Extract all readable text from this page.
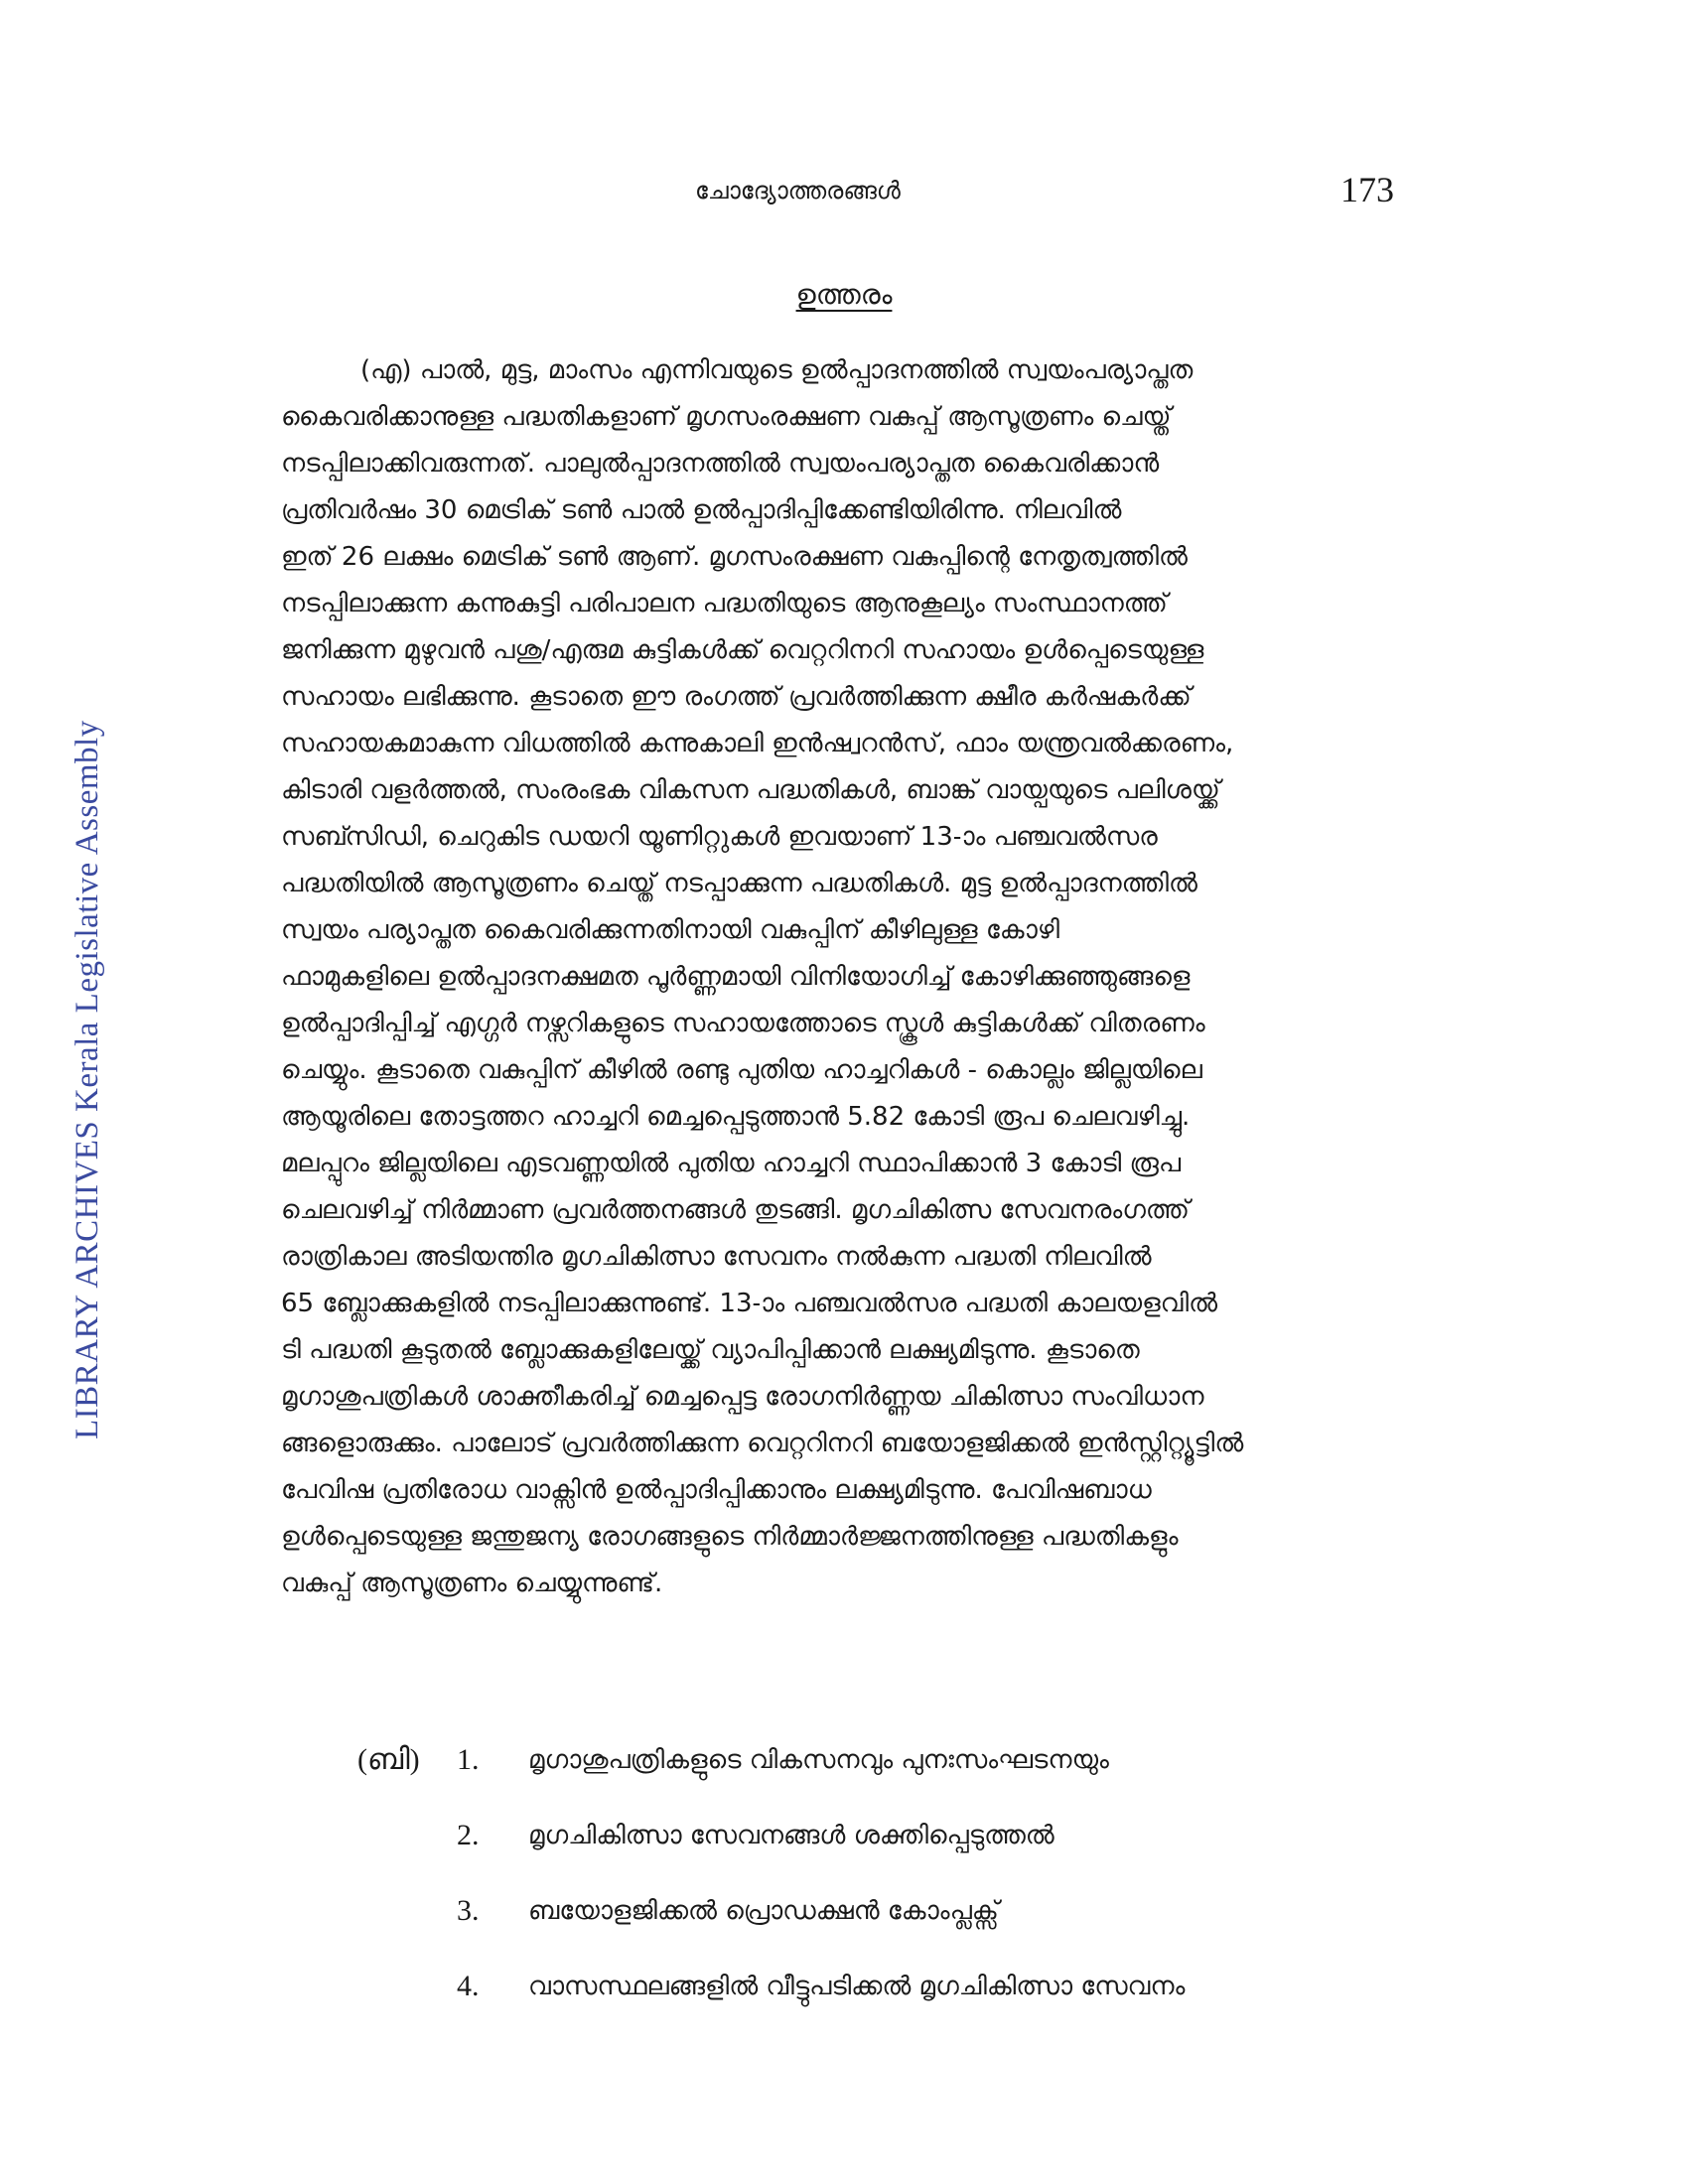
ചോദ്യോത്തരങ്ങൾ	173
LIBRARY ARCHIVES Kerala Legislative Assembly
ഉത്തരം
(എ) പാൽ, മുട്ട, മാംസം എന്നിവയുടെ ഉൽപ്പാദനത്തിൽ സ്വയംപര്യാപ്തത
കൈവരിക്കാനുള്ള പദ്ധതികളാണ് മൃഗസംരക്ഷണ വകുപ്പ് ആസൂത്രണം ചെയ്ത്
നടപ്പിലാക്കിവരുന്നത്. പാലുൽപ്പാദനത്തിൽ സ്വയംപര്യാപ്തത കൈവരിക്കാൻ
പ്രതിവർഷം 30 മെട്രിക് ടൺ പാൽ ഉൽപ്പാദിപ്പിക്കേണ്ടിയിരിന്നു. നിലവിൽ
ഇത് 26 ലക്ഷം മെട്രിക് ടൺ ആണ്. മൃഗസംരക്ഷണ വകുപ്പിന്റെ നേതൃത്വത്തിൽ
നടപ്പിലാക്കുന്ന കന്നുകുട്ടി പരിപാലന പദ്ധതിയുടെ ആനുകൂല്യം സംസ്ഥാനത്ത്
ജനിക്കുന്ന മുഴുവൻ പശു/എരുമ കുട്ടികൾക്ക് വെറ്ററിനറി സഹായം ഉൾപ്പെടെയുള്ള
സഹായം ലഭിക്കുന്നു. കൂടാതെ ഈ രംഗത്ത് പ്രവർത്തിക്കുന്ന ക്ഷീര കർഷകർക്ക്
സഹായകമാകുന്ന വിധത്തിൽ കന്നുകാലി ഇൻഷ്വറൻസ്, ഫാം യന്ത്രവൽക്കരണം,
കിടാരി വളർത്തൽ, സംരംഭക വികസന പദ്ധതികൾ, ബാങ്ക് വായ്പയുടെ പലിശയ്ക്ക്
സബ്സിഡി, ചെറുകിട ഡയറി യൂണിറ്റുകൾ ഇവയാണ് 13-ാം പഞ്ചവൽസര
പദ്ധതിയിൽ ആസൂത്രണം ചെയ്ത് നടപ്പാക്കുന്ന പദ്ധതികൾ. മുട്ട ഉൽപ്പാദനത്തിൽ
സ്വയം പര്യാപ്തത കൈവരിക്കുന്നതിനായി വകുപ്പിന് കീഴിലുള്ള കോഴി
ഫാമുകളിലെ ഉൽപ്പാദനക്ഷമത പൂർണ്ണമായി വിനിയോഗിച്ച് കോഴിക്കുഞ്ഞുങ്ങളെ
ഉൽപ്പാദിപ്പിച്ച് എഗ്ഗർ നഴ്സറികളുടെ സഹായത്തോടെ സ്കൂൾ കുട്ടികൾക്ക് വിതരണം
ചെയ്യും. കൂടാതെ വകുപ്പിന് കീഴിൽ രണ്ടു പുതിയ ഹാച്ചറികൾ - കൊല്ലം ജില്ലയിലെ
ആയൂരിലെ തോട്ടത്തറ ഹാച്ചറി മെച്ചപ്പെടുത്താൻ 5.82 കോടി രൂപ ചെലവഴിച്ചു.
മലപ്പുറം ജില്ലയിലെ എടവണ്ണയിൽ പുതിയ ഹാച്ചറി സ്ഥാപിക്കാൻ 3 കോടി രൂപ
ചെലവഴിച്ച് നിർമ്മാണ പ്രവർത്തനങ്ങൾ തുടങ്ങി. മൃഗചികിത്സ സേവനരംഗത്ത്
രാത്രികാല അടിയന്തിര മൃഗചികിത്സാ സേവനം നൽകുന്ന പദ്ധതി നിലവിൽ
65 ബ്ലോക്കുകളിൽ നടപ്പിലാക്കുന്നുണ്ട്. 13-ാം പഞ്ചവൽസര പദ്ധതി കാലയളവിൽ
ടി പദ്ധതി കൂടുതൽ ബ്ലോക്കുകളിലേയ്ക്ക് വ്യാപിപ്പിക്കാൻ ലക്ഷ്യമിടുന്നു. കൂടാതെ
മൃഗാശുപത്രികൾ ശാക്തീകരിച്ച് മെച്ചപ്പെട്ട രോഗനിർണ്ണയ ചികിത്സാ സംവിധാന
ങ്ങളൊരുക്കും. പാലോട് പ്രവർത്തിക്കുന്ന വെറ്ററിനറി ബയോളജിക്കൽ ഇൻസ്റ്റിറ്റ്യൂട്ടിൽ
പേവിഷ പ്രതിരോധ വാക്സിൻ ഉൽപ്പാദിപ്പിക്കാനും ലക്ഷ്യമിടുന്നു. പേവിഷബാധ
ഉൾപ്പെടെയുള്ള ജന്തുജന്യ രോഗങ്ങളുടെ നിർമ്മാർജ്ജനത്തിനുള്ള പദ്ധതികളും
വകുപ്പ് ആസൂത്രണം ചെയ്യുന്നുണ്ട്.
(ബി) 1. മൃഗാശുപത്രികളുടെ വികസനവും പുനഃസംഘടനയും
2. മൃഗചികിത്സാ സേവനങ്ങൾ ശക്തിപ്പെടുത്തൽ
3. ബയോളജിക്കൽ പ്രൊഡക്ഷൻ കോംപ്ലക്സ്
4. വാസസ്ഥലങ്ങളിൽ വീട്ടുപടിക്കൽ മൃഗചികിത്സാ സേവനം
